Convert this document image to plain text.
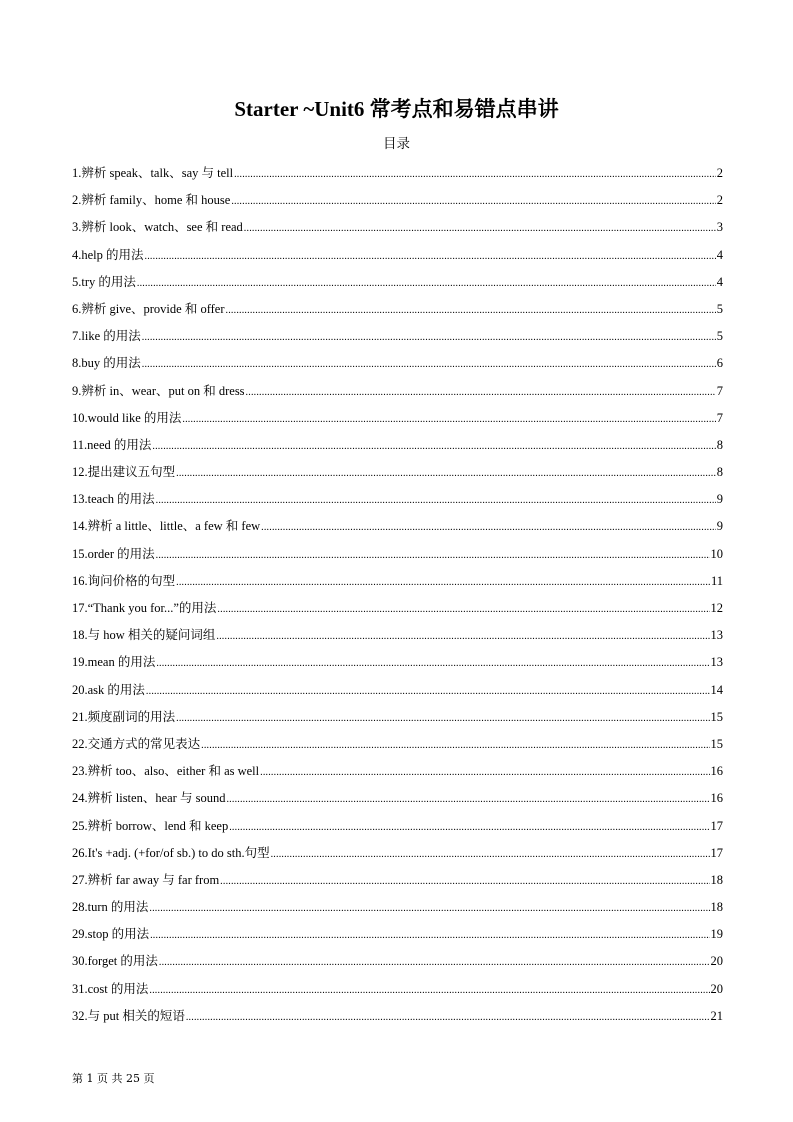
Starter ~Unit6 常考点和易错点串讲
目录
1.辨析 speak、talk、say 与 tell .....	2
2.辨析 family、home 和 house .....	2
3.辨析 look、watch、see 和 read .....	3
4.help 的用法 .....	4
5.try 的用法 .....	4
6.辨析 give、provide 和 offer .....	5
7.like 的用法 .....	5
8.buy 的用法 .....	6
9.辨析 in、wear、put on 和 dress .....	7
10.would like 的用法 .....	7
11.need 的用法 .....	8
12.提出建议五句型 .....	8
13.teach 的用法 .....	9
14.辨析 a little、little、a few 和 few .....	9
15.order 的用法 .....	10
16.询问价格的句型 .....	11
17.“Thank you for...”的用法 .....	12
18.与 how 相关的疑问词组 .....	13
19.mean 的用法 .....	13
20.ask 的用法 .....	14
21.频度副词的用法 .....	15
22.交通方式的常见表达 .....	15
23.辨析 too、also、either 和 as well .....	16
24.辨析 listen、hear 与 sound .....	16
25.辨析 borrow、lend 和 keep .....	17
26.It's +adj. (+for/of sb.) to do sth.句型 .....	17
27.辨析 far away 与 far from .....	18
28.turn 的用法 .....	18
29.stop 的用法 .....	19
30.forget 的用法 .....	20
31.cost 的用法 .....	20
32.与 put 相关的短语 .....	21
第 1 页 共 25 页
